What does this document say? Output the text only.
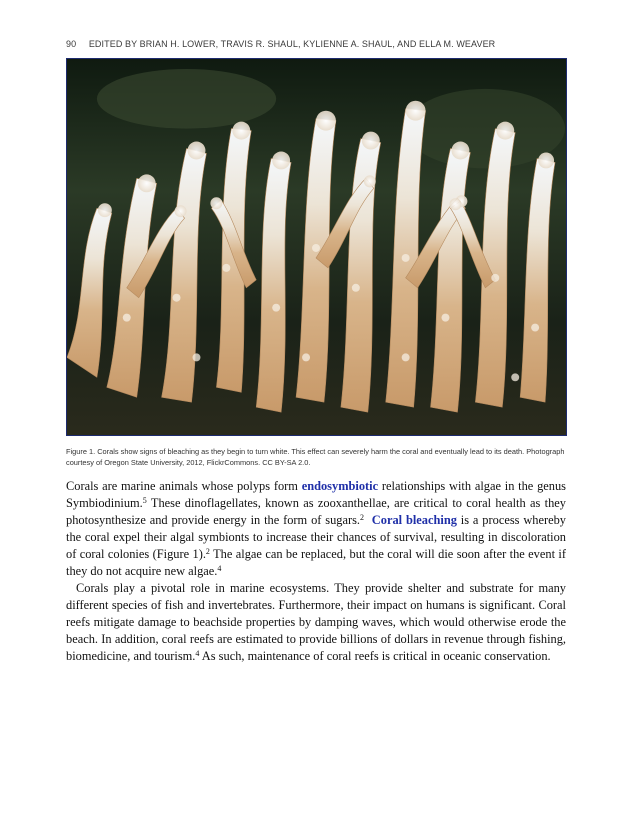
90 EDITED BY BRIAN H. LOWER, TRAVIS R. SHAUL, KYLIENNE A. SHAUL, AND ELLA M. WEAVER
Figure 1. Corals show signs of bleaching as they begin to turn white. This effect can severely harm the coral and eventually lead to its death. Photograph courtesy of Oregon State University, 2012, FlickrCommons. CC BY-SA 2.0.

Corals are marine animals whose polyps form endosymbiotic relationships with algae in the genus Symbiodinium.$^5$ These dinoflagellates, known as zooxanthellae, are critical to coral health as they photosynthesize and provide energy in the form of sugars.$^2$ Coral bleaching is a process whereby the coral expel their algal symbionts to increase their chances of survival, resulting in discoloration of coral colonies (Figure 1).$^2$ The algae can be replaced, but the coral will die soon after the event if they do not acquire new algae.$^4$

Corals play a pivotal role in marine ecosystems. They provide shelter and substrate for many different species of fish and invertebrates. Furthermore, their impact on humans is significant. Coral reefs mitigate damage to beachside properties by damping waves, which would otherwise erode the beach. In addition, coral reefs are estimated to provide billions of dollars in revenue through fishing, biomedicine, and tourism.$^4$ As such, maintenance of coral reefs is critical in oceanic conservation.
